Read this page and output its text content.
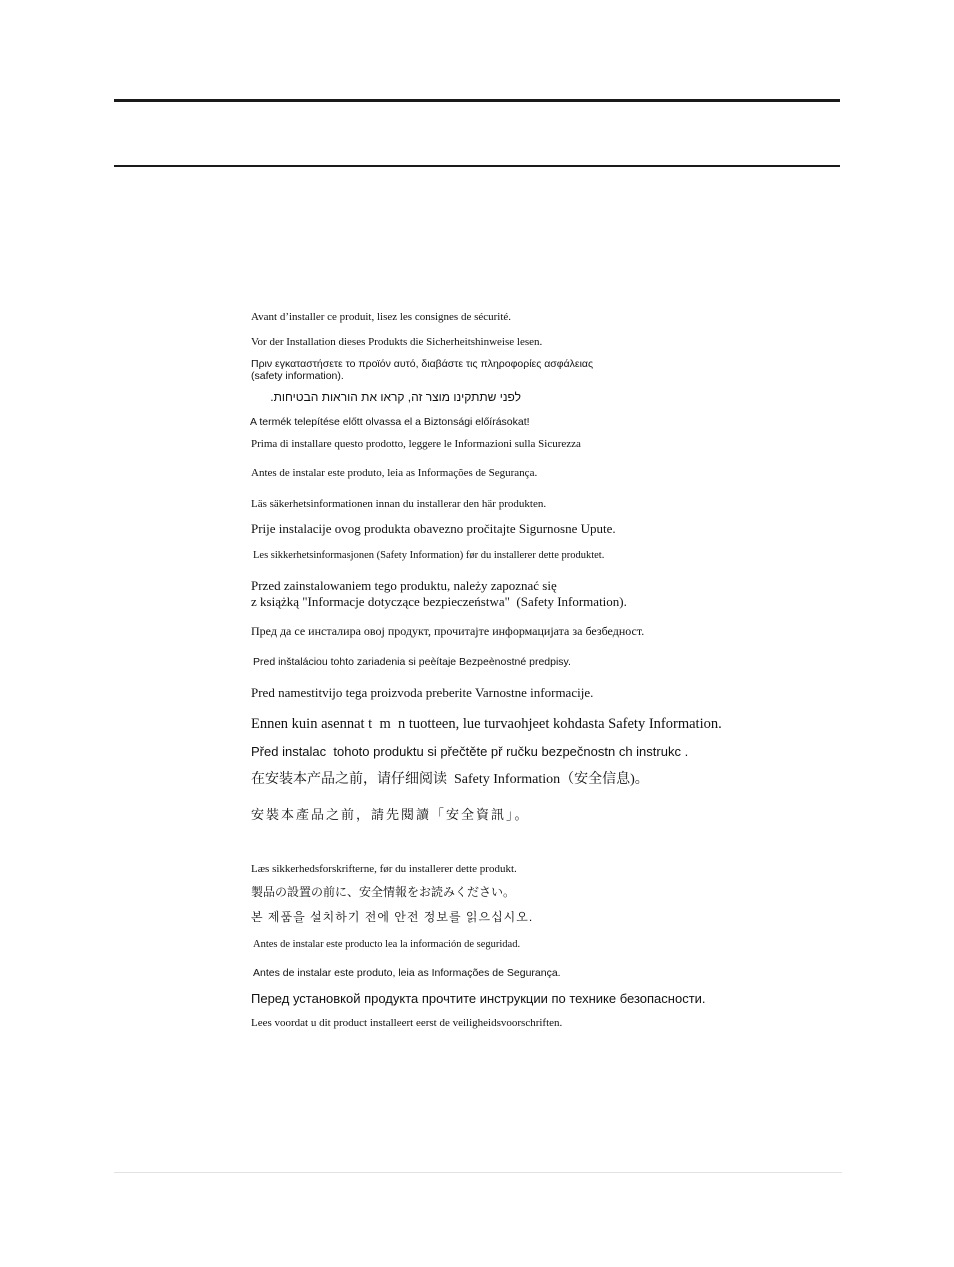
Avant d’installer ce produit, lisez les consignes de sécurité.
Vor der Installation dieses Produkts die Sicherheitshinweise lesen.
Πριν εγκαταστήσετε το προϊόν αυτό, διαβάστε τις πληροφορίες ασφάλειας
(safety information).
לפני שתתקינו מוצר זה, קראו את הוראות הבטיחות.
A termék telepítése előtt olvassa el a Biztonsági előírásokat!
Prima di installare questo prodotto, leggere le Informazioni sulla Sicurezza
Antes de instalar este produto, leia as Informações de Segurança.
Läs säkerhetsinformationen innan du installerar den här produkten.
Prije instalacije ovog produkta obavezno pročitajte Sigurnosne Upute.
Les sikkerhetsinformasjonen (Safety Information) før du installerer dette produktet.
Przed zainstalowaniem tego produktu, należy zapoznać się
z książką "Informacje dotyczące bezpieczeństwa"  (Safety Information).
Пред да се инсталира овој продукт, прочитајте информацијата за безбедност.
Pred inštaláciou tohto zariadenia si peèítaje Bezpeènostné predpisy.
Pred namestitvijo tega proizvoda preberite Varnostne informacije.
Ennen kuin asennat t  m  n tuotteen, lue turvaohjeet kohdasta Safety Information.
Před instalac  tohoto produktu si přečtěte př ručku bezpečnostn ch instrukc .
在安装本产品之前，请仔细阅读  Safety Information（安全信息)。
安裝本產品之前，請先閱讀「安全資訊」。
Læs sikkerhedsforskrifterne, før du installerer dette produkt.
製品の設置の前に、安全情報をお読みください。
본 제품을 설치하기 전에 안전 정보를 읽으십시오.
Antes de instalar este producto lea la información de seguridad.
Antes de instalar este produto, leia as Informações de Segurança.
Перед установкой продукта прочтите инструкции по технике безопасности.
Lees voordat u dit product installeert eerst de veiligheidsvoorschriften.
